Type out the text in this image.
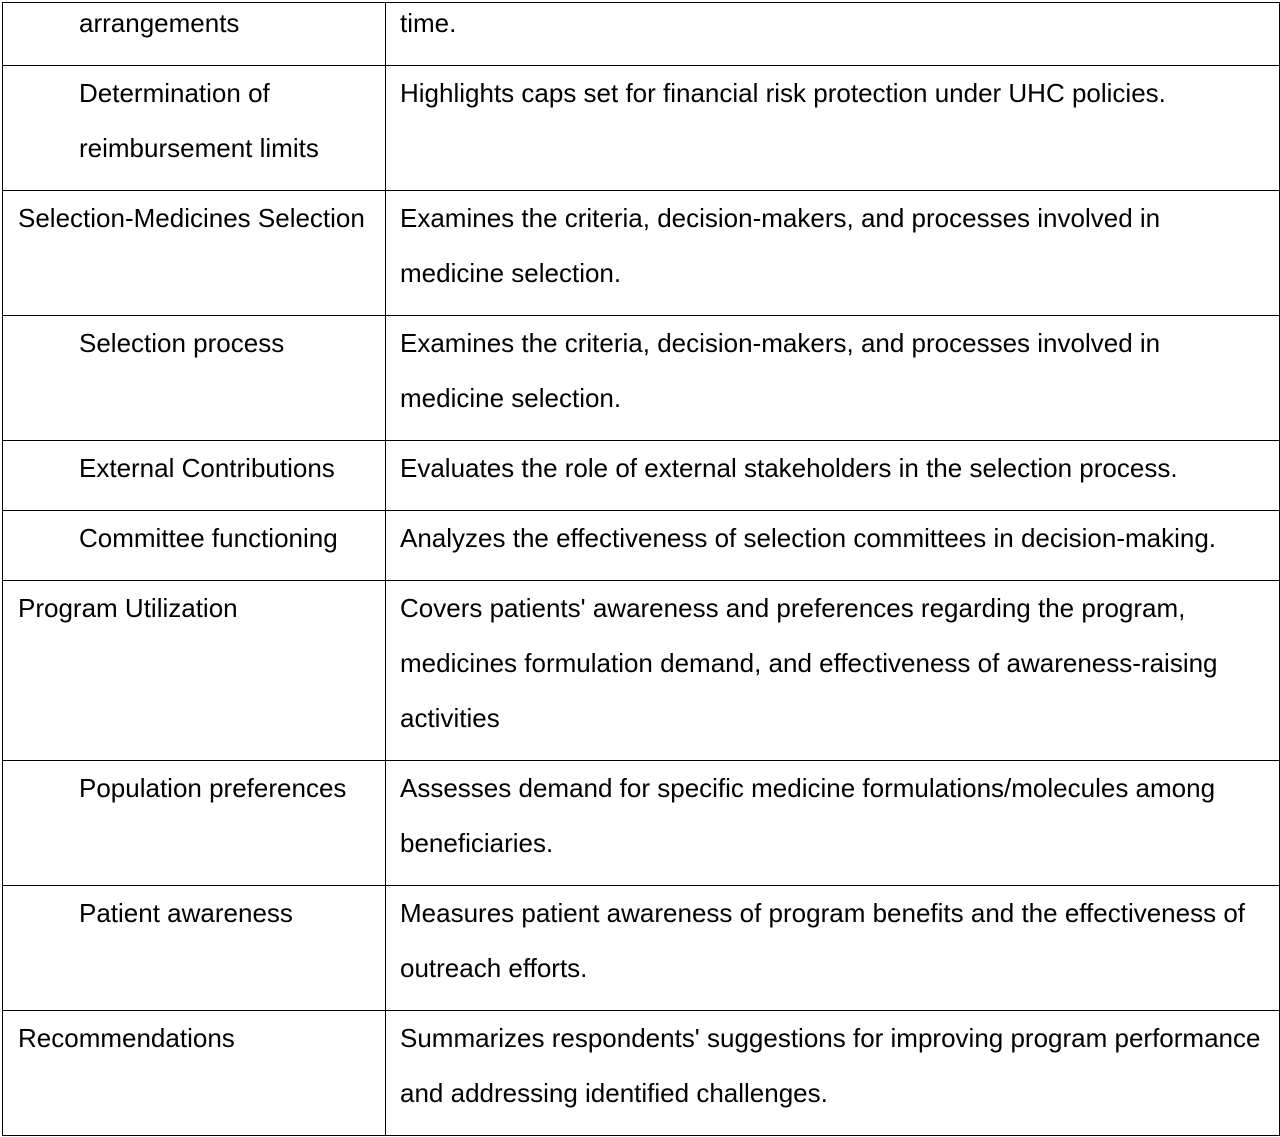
arrangements	time.

Determination of reimbursement limits	Highlights caps set for financial risk protection under UHC policies.

Selection-Medicines Selection	Examines the criteria, decision-makers, and processes involved in medicine selection.

Selection process	Examines the criteria, decision-makers, and processes involved in medicine selection.

External Contributions	Evaluates the role of external stakeholders in the selection process.

Committee functioning	Analyzes the effectiveness of selection committees in decision-making.

Program Utilization	Covers patients' awareness and preferences regarding the program, medicines formulation demand, and effectiveness of awareness-raising activities

Population preferences	Assesses demand for specific medicine formulations/molecules among beneficiaries.

Patient awareness	Measures patient awareness of program benefits and the effectiveness of outreach efforts.

Recommendations	Summarizes respondents' suggestions for improving program performance and addressing identified challenges.
